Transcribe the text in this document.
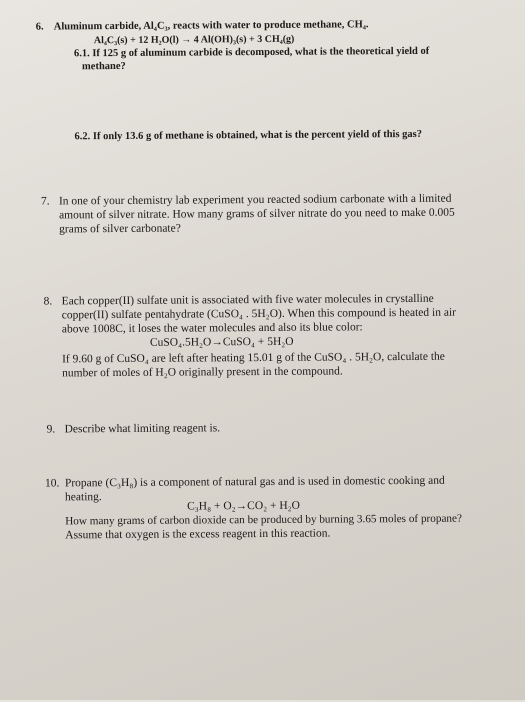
6. Aluminum carbide, Al₄C₃, reacts with water to produce methane, CH₄.
Al₄C₃(s) + 12 H₂O(l) → 4 Al(OH)₃(s) + 3 CH₄(g)
6.1. If 125 g of aluminum carbide is decomposed, what is the theoretical yield of
methane?
6.2. If only 13.6 g of methane is obtained, what is the percent yield of this gas?
7. In one of your chemistry lab experiment you reacted sodium carbonate with a limited
amount of silver nitrate. How many grams of silver nitrate do you need to make 0.005
grams of silver carbonate?
8. Each copper(II) sulfate unit is associated with five water molecules in crystalline
copper(II) sulfate pentahydrate (CuSO₄ . 5H₂O). When this compound is heated in air
above 1008C, it loses the water molecules and also its blue color:
CuSO₄.5H₂O→CuSO₄ + 5H₂O
If 9.60 g of CuSO₄ are left after heating 15.01 g of the CuSO₄ . 5H₂O, calculate the
number of moles of H₂O originally present in the compound.
9. Describe what limiting reagent is.
10. Propane (C₃H₈) is a component of natural gas and is used in domestic cooking and
heating.
C₃H₈ + O₂→CO₂ + H₂O
How many grams of carbon dioxide can be produced by burning 3.65 moles of propane?
Assume that oxygen is the excess reagent in this reaction.
